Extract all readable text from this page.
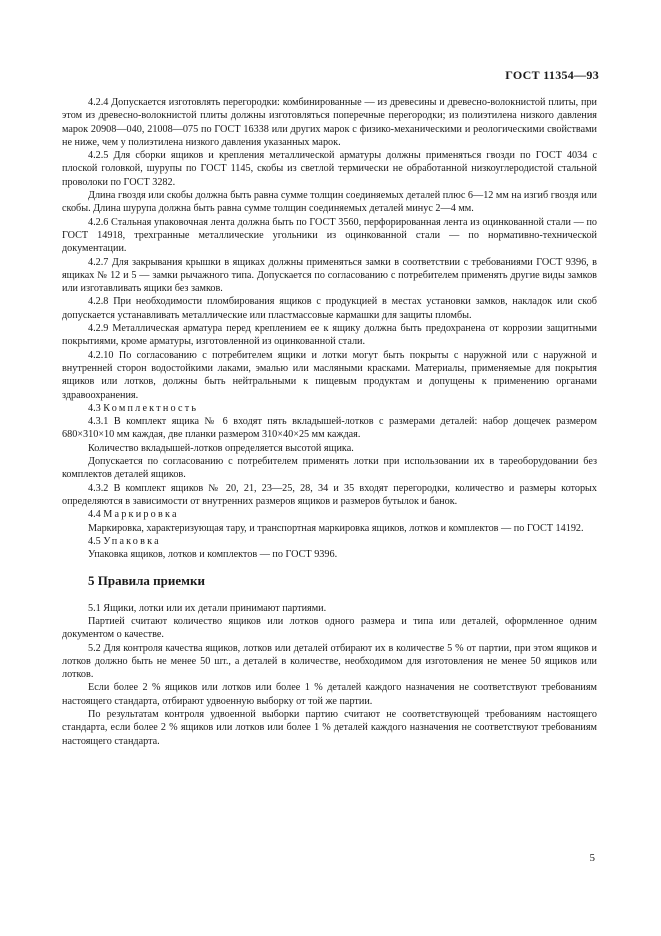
ГОСТ 11354—93

4.2.4 Допускается изготовлять перегородки: комбинированные — из древесины и древесно-волокнистой плиты, при этом из древесно-волокнистой плиты должны изготовляться поперечные перегородки; из полиэтилена низкого давления марок 20908—040, 21008—075 по ГОСТ 16338 или других марок с физико-механическими и реологическими свойствами не ниже, чем у полиэтилена низкого давления указанных марок.

4.2.5 Для сборки ящиков и крепления металлической арматуры должны применяться гвозди по ГОСТ 4034 с плоской головкой, шурупы по ГОСТ 1145, скобы из светлой термически не обработанной низкоуглеродистой стальной проволоки по ГОСТ 3282.

Длина гвоздя или скобы должна быть равна сумме толщин соединяемых деталей плюс 6—12 мм на изгиб гвоздя или скобы. Длина шурупа должна быть равна сумме толщин соединяемых деталей минус 2—4 мм.

4.2.6 Стальная упаковочная лента должна быть по ГОСТ 3560, перфорированная лента из оцинкованной стали — по ГОСТ 14918, трехгранные металлические угольники из оцинкованной стали — по нормативно-технической документации.

4.2.7 Для закрывания крышки в ящиках должны применяться замки в соответствии с требованиями ГОСТ 9396, в ящиках № 12 и 5 — замки рычажного типа. Допускается по согласованию с потребителем применять другие виды замков или изготавливать ящики без замков.

4.2.8 При необходимости пломбирования ящиков с продукцией в местах установки замков, накладок или скоб допускается устанавливать металлические или пластмассовые кармашки для защиты пломбы.

4.2.9 Металлическая арматура перед креплением ее к ящику должна быть предохранена от коррозии защитными покрытиями, кроме арматуры, изготовленной из оцинкованной стали.

4.2.10 По согласованию с потребителем ящики и лотки могут быть покрыты с наружной или с наружной и внутренней сторон водостойкими лаками, эмалью или масляными красками. Материалы, применяемые для покрытия ящиков или лотков, должны быть нейтральными к пищевым продуктам и допущены к применению органами здравоохранения.

4.3 Комплектность

4.3.1 В комплект ящика № 6 входят пять вкладышей-лотков с размерами деталей: набор дощечек размером 680×310×10 мм каждая, две планки размером 310×40×25 мм каждая.

Количество вкладышей-лотков определяется высотой ящика.

Допускается по согласованию с потребителем применять лотки при использовании их в тареоборудовании без комплектов деталей ящиков.

4.3.2 В комплект ящиков № 20, 21, 23—25, 28, 34 и 35 входят перегородки, количество и размеры которых определяются в зависимости от внутренних размеров ящиков и размеров бутылок и банок.

4.4 Маркировка

Маркировка, характеризующая тару, и транспортная маркировка ящиков, лотков и комплектов — по ГОСТ 14192.

4.5 Упаковка

Упаковка ящиков, лотков и комплектов — по ГОСТ 9396.

5 Правила приемки

5.1 Ящики, лотки или их детали принимают партиями.

Партией считают количество ящиков или лотков одного размера и типа или деталей, оформленное одним документом о качестве.

5.2 Для контроля качества ящиков, лотков или деталей отбирают их в количестве 5 % от партии, при этом ящиков и лотков должно быть не менее 50 шт., а деталей в количестве, необходимом для изготовления не менее 50 ящиков или лотков.

Если более 2 % ящиков или лотков или более 1 % деталей каждого назначения не соответствуют требованиям настоящего стандарта, отбирают удвоенную выборку от той же партии.

По результатам контроля удвоенной выборки партию считают не соответствующей требованиям настоящего стандарта, если более 2 % ящиков или лотков или более 1 % деталей каждого назначения не соответствуют требованиям настоящего стандарта.

5
